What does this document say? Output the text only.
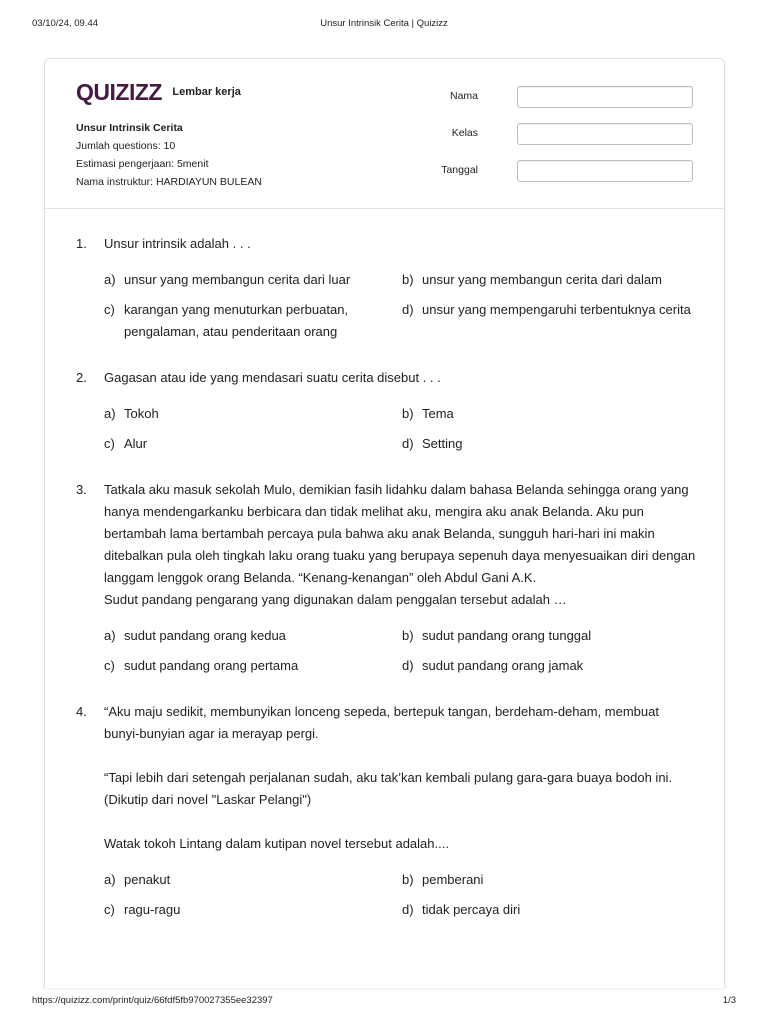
03/10/24, 09.44	Unsur Intrinsik Cerita | Quizizz
QUIZIZZ Lembar kerja
Unsur Intrinsik Cerita
Jumlah questions: 10
Estimasi pengerjaan: 5menit
Nama instruktur: HARDIAYUN BULEAN
Nama
Kelas
Tanggal
1.	Unsur intrinsik adalah . . .

a) unsur yang membangun cerita dari luar	b) unsur yang membangun cerita dari dalam
c) karangan yang menuturkan perbuatan, pengalaman, atau penderitaan orang
d) unsur yang mempengaruhi terbentuknya cerita
2.	Gagasan atau ide yang mendasari suatu cerita disebut . . .

a) Tokoh	b) Tema
c) Alur	d) Setting
3.	Tatkala aku masuk sekolah Mulo, demikian fasih lidahku dalam bahasa Belanda sehingga orang yang hanya mendengarkanku berbicara dan tidak melihat aku, mengira aku anak Belanda. Aku pun bertambah lama bertambah percaya pula bahwa aku anak Belanda, sungguh hari-hari ini makin ditebalkan pula oleh tingkah laku orang tuaku yang berupaya sepenuh daya menyesuaikan diri dengan langgam lenggok orang Belanda. “Kenang-kenangan” oleh Abdul Gani A.K.

Sudut pandang pengarang yang digunakan dalam penggalan tersebut adalah …

a) sudut pandang orang kedua	b) sudut pandang orang tunggal
c) sudut pandang orang pertama	d) sudut pandang orang jamak
4.	“Aku maju sedikit, membunyikan lonceng sepeda, bertepuk tangan, berdeham-deham, membuat bunyi-bunyian agar ia merayap pergi.

“Tapi lebih dari setengah perjalanan sudah, aku tak’kan kembali pulang gara-gara buaya bodoh ini. (Dikutip dari novel "Laskar Pelangi")

Watak tokoh Lintang dalam kutipan novel tersebut adalah....

a) penakut	b) pemberani
c) ragu-ragu	d) tidak percaya diri
https://quizizz.com/print/quiz/66fdf5fb970027355ee32397	1/3
